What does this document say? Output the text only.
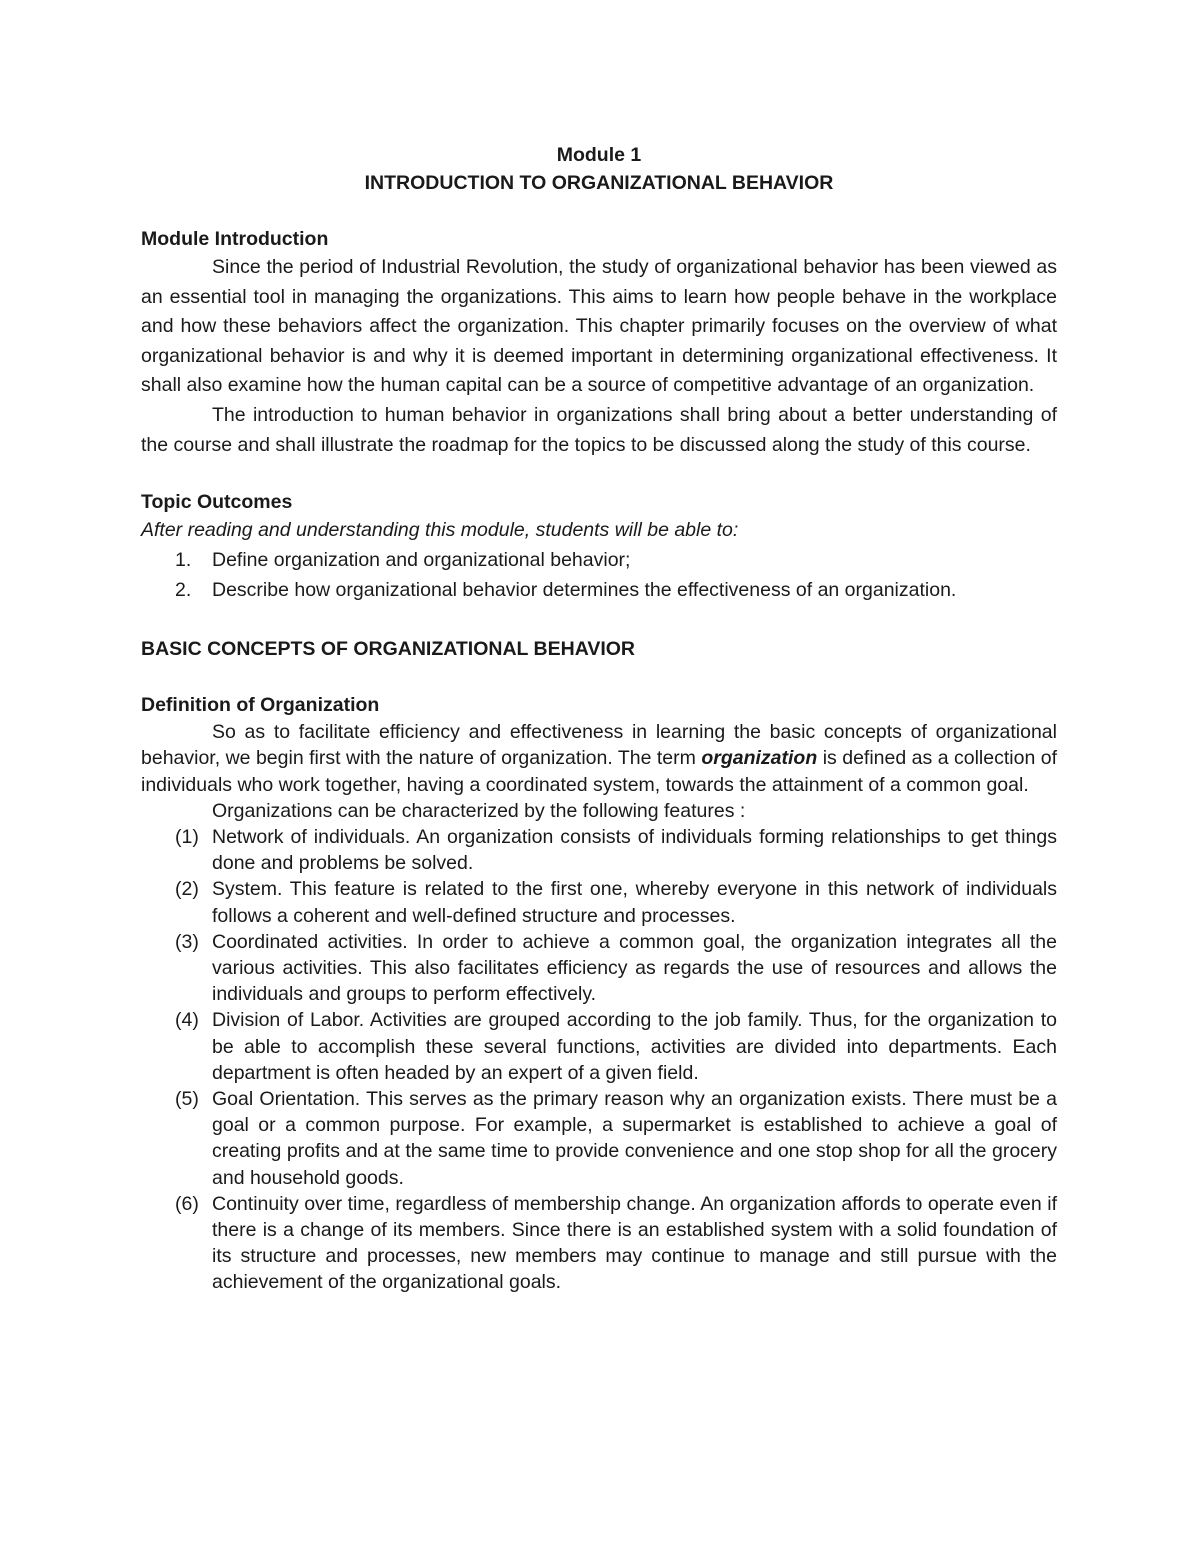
Module 1
INTRODUCTION TO ORGANIZATIONAL BEHAVIOR
Module Introduction

Since the period of Industrial Revolution, the study of organizational behavior has been viewed as an essential tool in managing the organizations. This aims to learn how people behave in the workplace and how these behaviors affect the organization. This chapter primarily focuses on the overview of what organizational behavior is and why it is deemed important in determining organizational effectiveness. It shall also examine how the human capital can be a source of competitive advantage of an organization.

The introduction to human behavior in organizations shall bring about a better understanding of the course and shall illustrate the roadmap for the topics to be discussed along the study of this course.

Topic Outcomes
After reading and understanding this module, students will be able to:
1.	Define organization and organizational behavior;
2.	Describe how organizational behavior determines the effectiveness of an organization.
BASIC CONCEPTS OF ORGANIZATIONAL BEHAVIOR
Definition of Organization

So as to facilitate efficiency and effectiveness in learning the basic concepts of organizational behavior, we begin first with the nature of organization. The term organization is defined as a collection of individuals who work together, having a coordinated system, towards the attainment of a common goal.

Organizations can be characterized by the following features :

(1) Network of individuals. An organization consists of individuals forming relationships to get things done and problems be solved.
(2) System. This feature is related to the first one, whereby everyone in this network of individuals follows a coherent and well-defined structure and processes.
(3) Coordinated activities. In order to achieve a common goal, the organization integrates all the various activities. This also facilitates efficiency as regards the use of resources and allows the individuals and groups to perform effectively.
(4) Division of Labor. Activities are grouped according to the job family. Thus, for the organization to be able to accomplish these several functions, activities are divided into departments. Each department is often headed by an expert of a given field.
(5) Goal Orientation. This serves as the primary reason why an organization exists. There must be a goal or a common purpose. For example, a supermarket is established to achieve a goal of creating profits and at the same time to provide convenience and one stop shop for all the grocery and household goods.
(6) Continuity over time, regardless of membership change. An organization affords to operate even if there is a change of its members. Since there is an established system with a solid foundation of its structure and processes, new members may continue to manage and still pursue with the achievement of the organizational goals.
